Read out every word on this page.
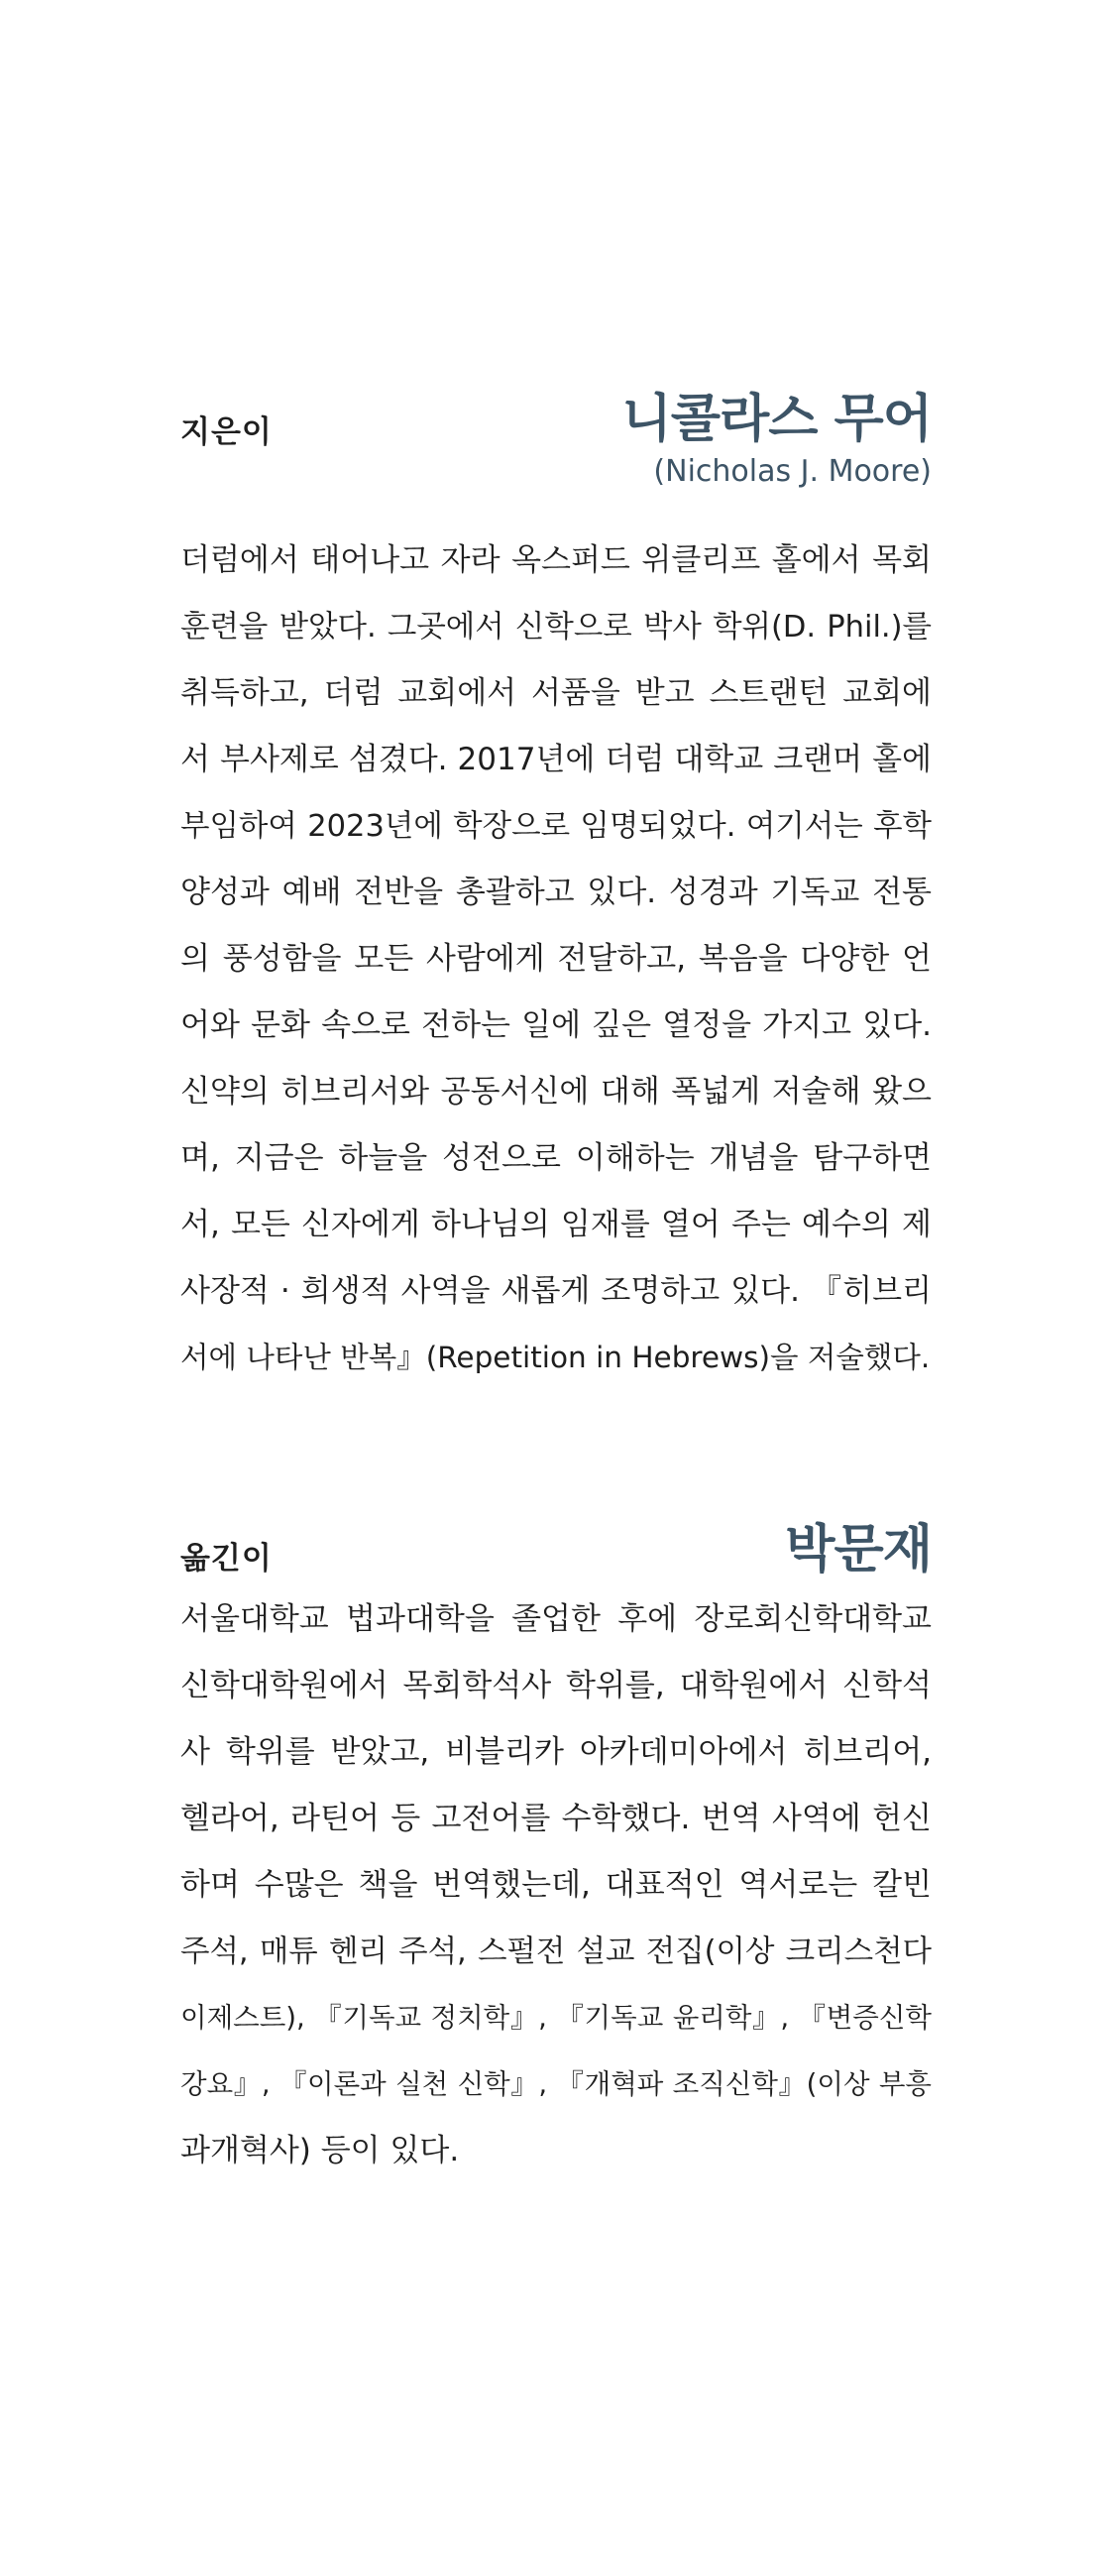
지은이	니콜라스 무어
(Nicholas J. Moore)
더럼에서 태어나고 자라 옥스퍼드 위클리프 홀에서 목회
훈련을 받았다. 그곳에서 신학으로 박사 학위(D. Phil.)를
취득하고, 더럼 교회에서 서품을 받고 스트랜턴 교회에
서 부사제로 섬겼다. 2017년에 더럼 대학교 크랜머 홀에
부임하여 2023년에 학장으로 임명되었다. 여기서는 후학
양성과 예배 전반을 총괄하고 있다. 성경과 기독교 전통
의 풍성함을 모든 사람에게 전달하고, 복음을 다양한 언
어와 문화 속으로 전하는 일에 깊은 열정을 가지고 있다.
신약의 히브리서와 공동서신에 대해 폭넓게 저술해 왔으
며, 지금은 하늘을 성전으로 이해하는 개념을 탐구하면
서, 모든 신자에게 하나님의 임재를 열어 주는 예수의 제
사장적 · 희생적 사역을 새롭게 조명하고 있다. 『히브리
서에 나타난 반복』(Repetition in Hebrews)을 저술했다.
옮긴이	박문재
서울대학교 법과대학을 졸업한 후에 장로회신학대학교
신학대학원에서 목회학석사 학위를, 대학원에서 신학석
사 학위를 받았고, 비블리카 아카데미아에서 히브리어,
헬라어, 라틴어 등 고전어를 수학했다. 번역 사역에 헌신
하며 수많은 책을 번역했는데, 대표적인 역서로는 칼빈
주석, 매튜 헨리 주석, 스펄전 설교 전집(이상 크리스천다
이제스트), 『기독교 정치학』, 『기독교 윤리학』, 『변증신학
강요』, 『이론과 실천 신학』, 『개혁파 조직신학』(이상 부흥
과개혁사) 등이 있다.
